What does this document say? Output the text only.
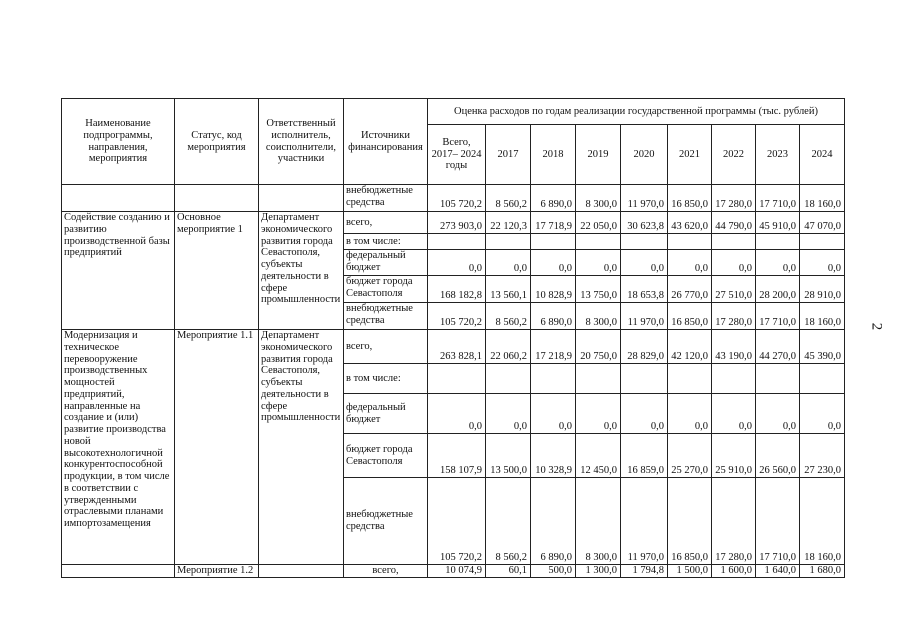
2
Наименование подпрограммы, направления, мероприятия	Статус, код мероприятия	Ответственный исполнитель, соисполнители, участники	Источники финансирования	Оценка расходов по годам реализации государственной программы (тыс. рублей)								
				Всего, 2017– 2024 годы	2017	2018	2019	2020	2021	2022	2023	2024
			внебюджетные средства	105 720,2	8 560,2	6 890,0	8 300,0	11 970,0	16 850,0	17 280,0	17 710,0	18 160,0
Содействие созданию и развитию производственной базы предприятий	Основное мероприятие 1	Департамент экономического развития города Севастополя, субъекты деятельности в сфере промышленности	всего,	273 903,0	22 120,3	17 718,9	22 050,0	30 623,8	43 620,0	44 790,0	45 910,0	47 070,0
			в том числе:									
			федеральный бюджет	0,0	0,0	0,0	0,0	0,0	0,0	0,0	0,0	0,0
			бюджет города Севастополя	168 182,8	13 560,1	10 828,9	13 750,0	18 653,8	26 770,0	27 510,0	28 200,0	28 910,0
			внебюджетные средства	105 720,2	8 560,2	6 890,0	8 300,0	11 970,0	16 850,0	17 280,0	17 710,0	18 160,0
Модернизация и техническое перевооружение производственных мощностей предприятий, направленные на создание и (или) развитие производства новой высокотехнологичной конкурентоспособной продукции, в том числе в соответствии с утвержденными отраслевыми планами импортозамещения	Мероприятие 1.1	Департамент экономического развития города Севастополя, субъекты деятельности в сфере промышленности	всего,	263 828,1	22 060,2	17 218,9	20 750,0	28 829,0	42 120,0	43 190,0	44 270,0	45 390,0
			в том числе:									
			федеральный бюджет	0,0	0,0	0,0	0,0	0,0	0,0	0,0	0,0	0,0
			бюджет города Севастополя	158 107,9	13 500,0	10 328,9	12 450,0	16 859,0	25 270,0	25 910,0	26 560,0	27 230,0
			внебюджетные средства	105 720,2	8 560,2	6 890,0	8 300,0	11 970,0	16 850,0	17 280,0	17 710,0	18 160,0
	Мероприятие 1.2		всего,	10 074,9	60,1	500,0	1 300,0	1 794,8	1 500,0	1 600,0	1 640,0	1 680,0
